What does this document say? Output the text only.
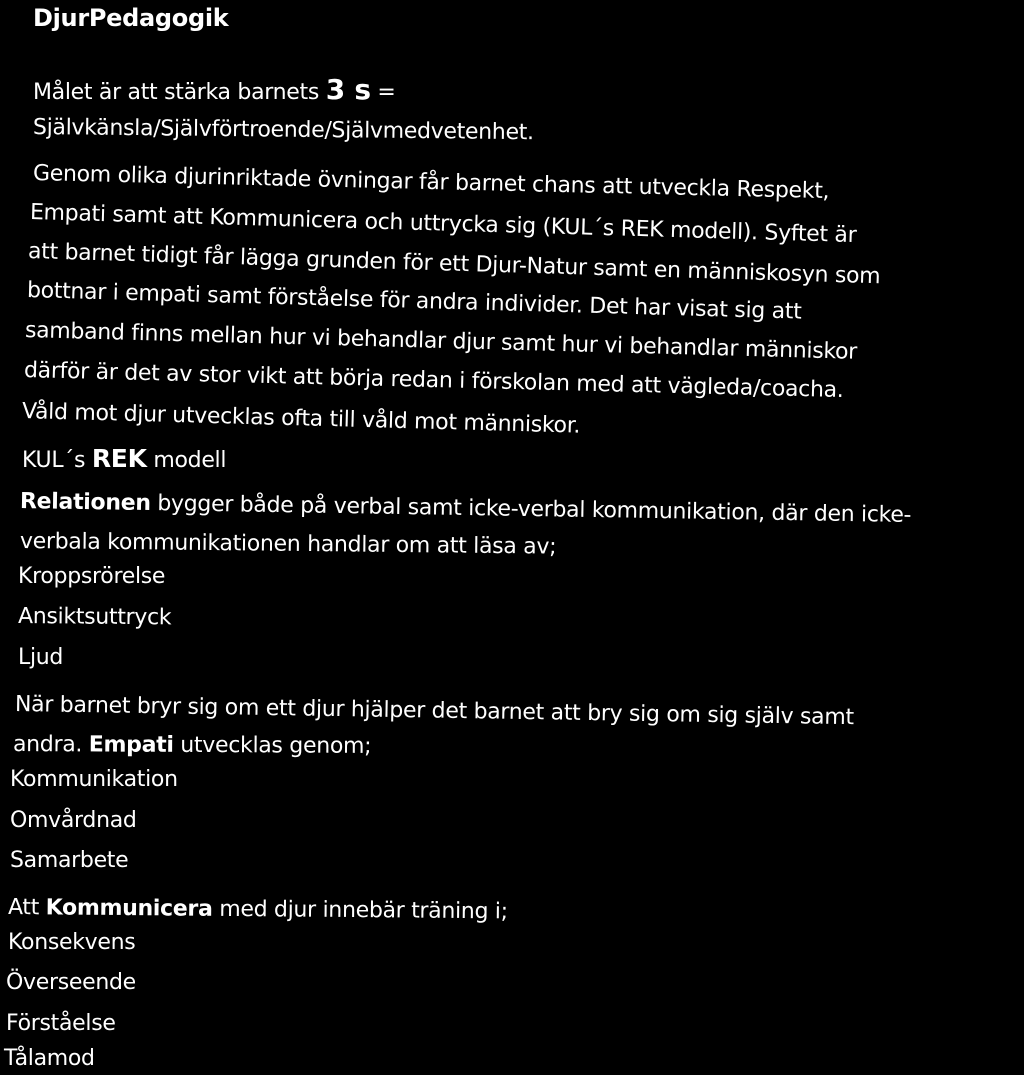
DjurPedagogik
Målet är att stärka barnets 3 s =
Självkänsla/Självförtroende/Självmedvetenhet.
Genom olika djurinriktade övningar får barnet chans att utveckla Respekt,
Empati samt att Kommunicera och uttrycka sig (KUL´s REK modell). Syftet är
att barnet tidigt får lägga grunden för ett Djur-Natur samt en människosyn som
bottnar i empati samt förståelse för andra individer. Det har visat sig att
samband finns mellan hur vi behandlar djur samt hur vi behandlar människor
därför är det av stor vikt att börja redan i förskolan med att vägleda/coacha.
Våld mot djur utvecklas ofta till våld mot människor.
KUL´s REK modell
Relationen bygger både på verbal samt icke-verbal kommunikation, där den icke-
verbala kommunikationen handlar om att läsa av;
Kroppsrörelse
Ansiktsuttryck
Ljud
När barnet bryr sig om ett djur hjälper det barnet att bry sig om sig själv samt
andra. Empati utvecklas genom;
Kommunikation
Omvårdnad
Samarbete
Att Kommunicera med djur innebär träning i;
Konsekvens
Överseende
Förståelse
Tålamod
